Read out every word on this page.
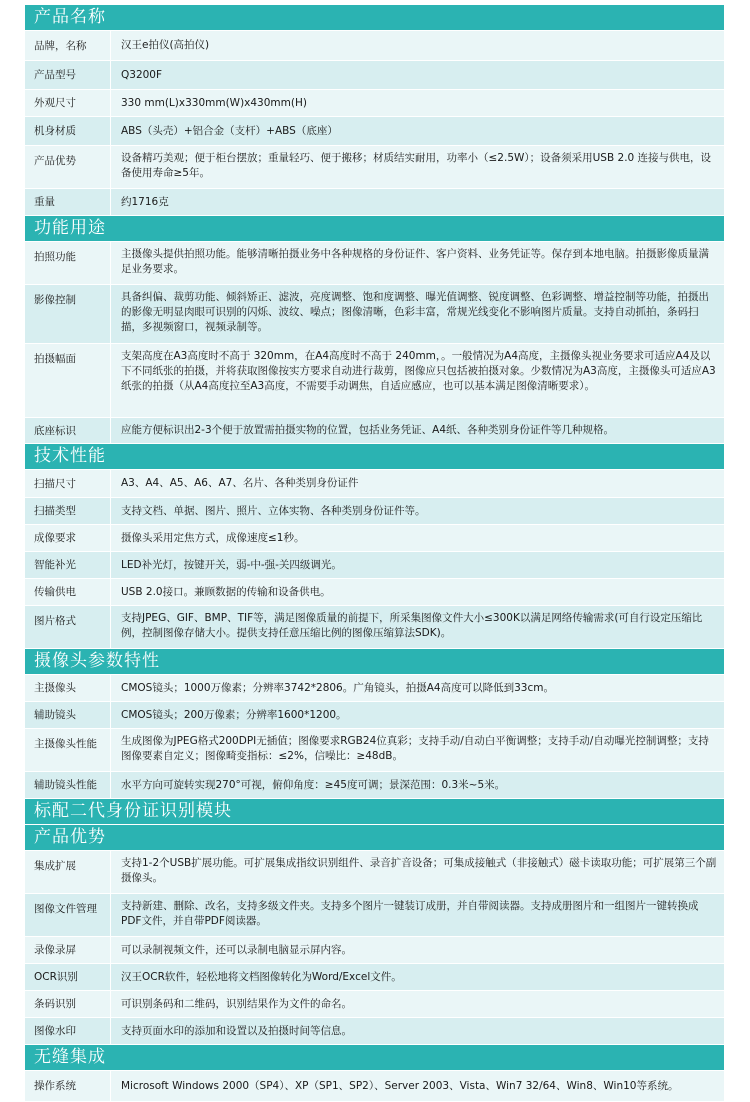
产品名称
品牌，名称	汉王e拍仪(高拍仪)
产品型号	Q3200F
外观尺寸	330 mm(L)x330mm(W)x430mm(H)
机身材质	ABS（头壳）+铝合金（支杆）+ABS（底座）
产品优势	设备精巧美观；便于柜台摆放；重量轻巧、便于搬移；材质结实耐用，功率小（≤2.5W）；设备须采用USB 2.0 连接与供电，设备使用寿命≥5年。
重量	约1716克
功能用途
拍照功能	主摄像头提供拍照功能。能够清晰拍摄业务中各种规格的身份证件、客户资料、业务凭证等。保存到本地电脑。拍摄影像质量满足业务要求。
影像控制	具备纠偏、裁剪功能、倾斜矫正、滤波，亮度调整、饱和度调整、曝光值调整、锐度调整、色彩调整、增益控制等功能，拍摄出的影像无明显肉眼可识别的闪烁、波纹、噪点；图像清晰，色彩丰富，常规光线变化不影响图片质量。支持自动抓拍，条码扫描，多视频窗口，视频录制等。
拍摄幅面	支架高度在A3高度时不高于 320mm，在A4高度时不高于 240mm，。一般情况为A4高度，主摄像头视业务要求可适应A4及以下不同纸张的拍摄，并将获取图像按实方要求自动进行裁剪，图像应只包括被拍摄对象。少数情况为A3高度，主摄像头可适应A3纸张的拍摄（从A4高度拉至A3高度，不需要手动调焦，自适应感应，也可以基本满足图像清晰要求）。
底座标识	应能方便标识出2-3个便于放置需拍摄实物的位置，包括业务凭证、A4纸、各种类别身份证件等几种规格。
技术性能
扫描尺寸	A3、A4、A5、A6、A7、名片、各种类别身份证件
扫描类型	支持文档、单据、图片、照片、立体实物、各种类别身份证件等。
成像要求	摄像头采用定焦方式，成像速度≤1秒。
智能补光	LED补光灯，按键开关，弱-中-强-关四级调光。
传输供电	USB 2.0接口。兼顾数据的传输和设备供电。
图片格式	支持JPEG、GIF、BMP、TIF等，满足图像质量的前提下，所采集图像文件大小≤300K以满足网络传输需求(可自行设定压缩比例，控制图像存储大小。提供支持任意压缩比例的图像压缩算法SDK)。
摄像头参数特性
主摄像头	CMOS镜头；1000万像素；分辨率3742*2806。广角镜头，拍摄A4高度可以降低到33cm。
辅助镜头	CMOS镜头；200万像素；分辨率1600*1200。
主摄像头性能	生成图像为JPEG格式200DPI无插值；图像要求RGB24位真彩；支持手动/自动白平衡调整；支持手动/自动曝光控制调整；支持图像要素自定义；图像畸变指标：≤2%，信噪比：≥48dB。
辅助镜头性能	水平方向可旋转实现270°可视，俯仰角度：≥45度可调；景深范围：0.3米~5米。
标配二代身份证识别模块
产品优势
集成扩展	支持1-2个USB扩展功能。可扩展集成指纹识别组件、录音扩音设备；可集成接触式（非接触式）磁卡读取功能；可扩展第三个副摄像头。
图像文件管理	支持新建、删除、改名，支持多级文件夹。支持多个图片一键装订成册，并自带阅读器。支持成册图片和一组图片一键转换成PDF文件，并自带PDF阅读器。
录像录屏	可以录制视频文件，还可以录制电脑显示屏内容。
OCR识别	汉王OCR软件，轻松地将文档图像转化为Word/Excel文件。
条码识别	可识别条码和二维码，识别结果作为文件的命名。
图像水印	支持页面水印的添加和设置以及拍摄时间等信息。
无缝集成
操作系统	Microsoft Windows 2000（SP4）、XP（SP1、SP2）、Server 2003、Vista、Win7 32/64、Win8、Win10等系统。
